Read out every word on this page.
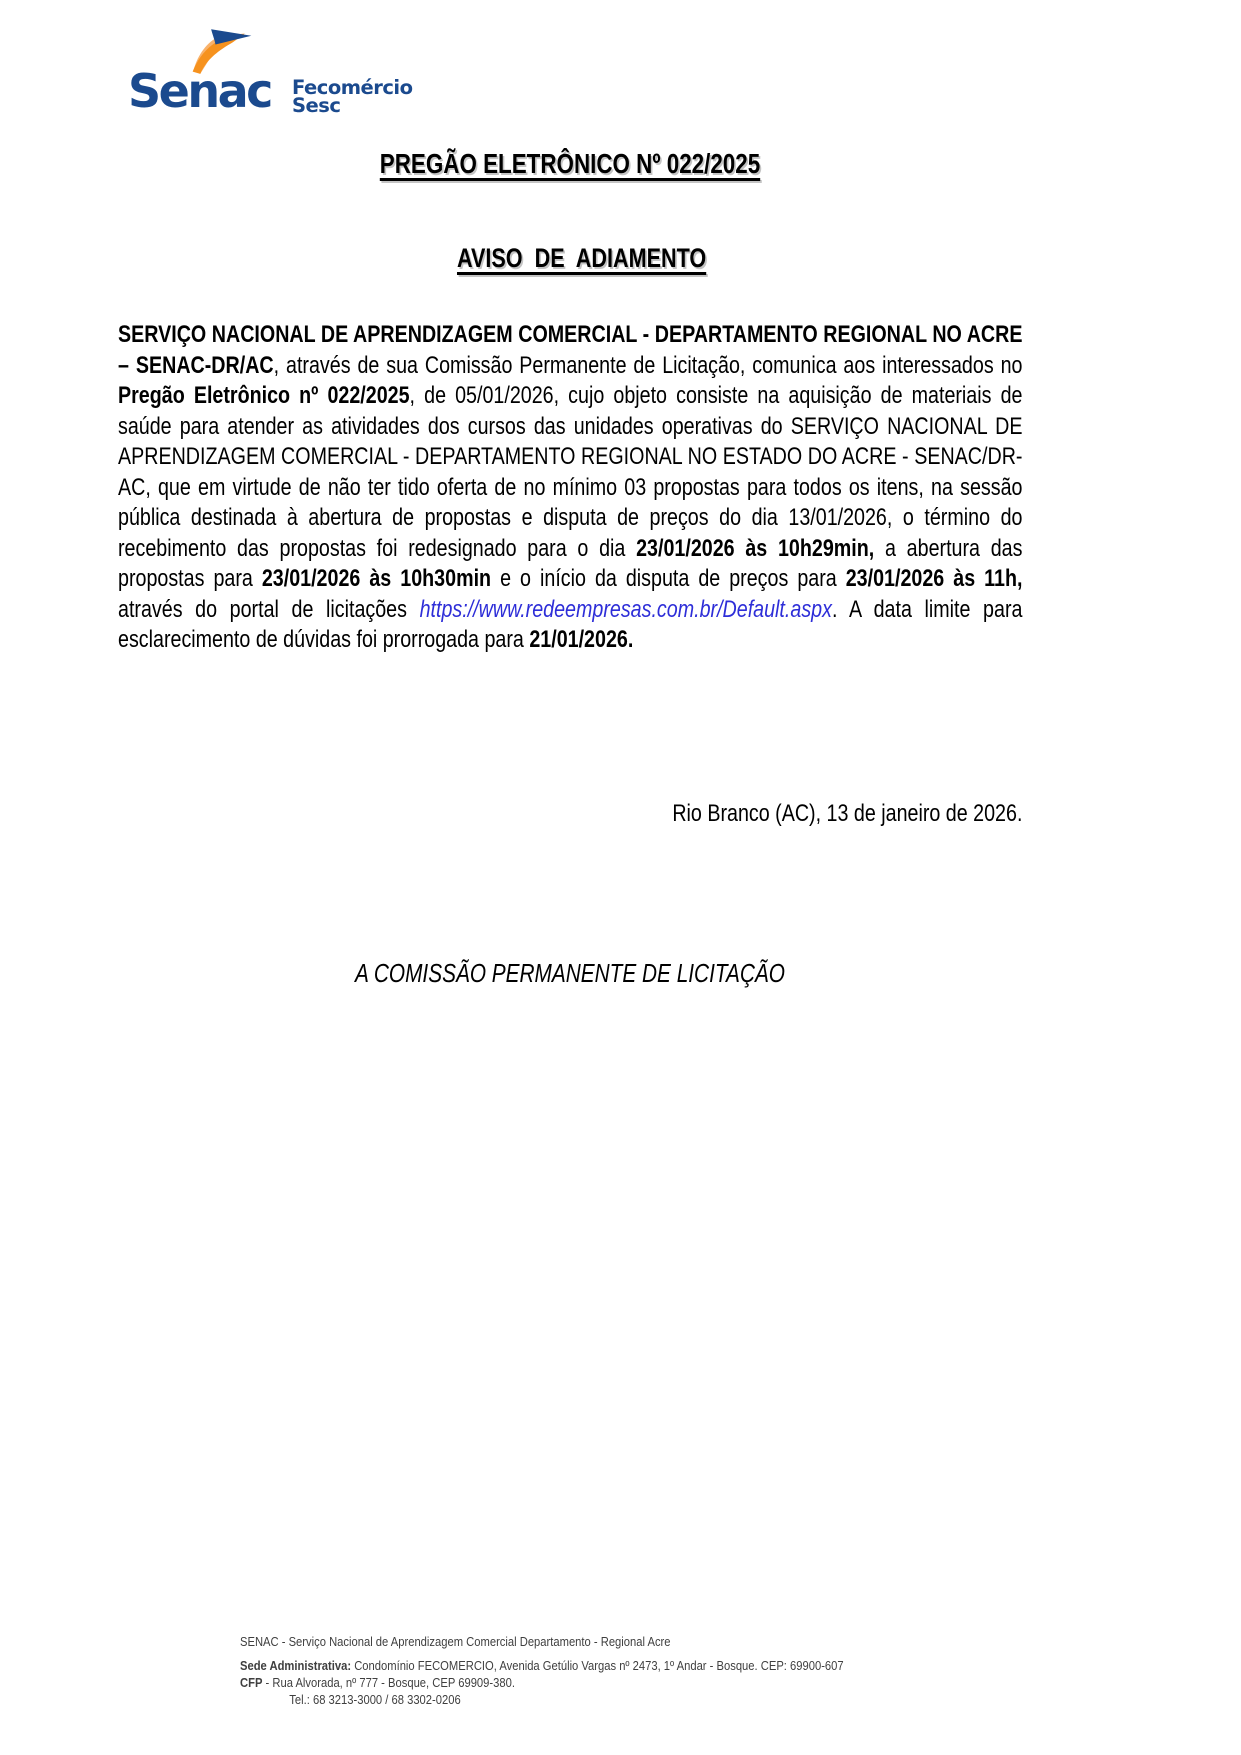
Senac Fecomércio
Sesc
PREGÃO ELETRÔNICO Nº 022/2025

AVISO  DE  ADIAMENTO

SERVIÇO NACIONAL DE APRENDIZAGEM COMERCIAL - DEPARTAMENTO REGIONAL NO ACRE – SENAC-DR/AC, através de sua Comissão Permanente de Licitação, comunica aos interessados no Pregão Eletrônico nº 022/2025, de 05/01/2026, cujo objeto consiste na aquisição de materiais de saúde para atender as atividades dos cursos das unidades operativas do SERVIÇO NACIONAL DE APRENDIZAGEM COMERCIAL - DEPARTAMENTO REGIONAL NO ESTADO DO ACRE - SENAC/DR-AC, que em virtude de não ter tido oferta de no mínimo 03 propostas para todos os itens, na sessão pública destinada à abertura de propostas e disputa de preços do dia 13/01/2026, o término do recebimento das propostas foi redesignado para o dia 23/01/2026 às 10h29min, a abertura das propostas para 23/01/2026 às 10h30min e o início da disputa de preços para 23/01/2026 às 11h, através do portal de licitações https://www.redeempresas.com.br/Default.aspx. A data limite para esclarecimento de dúvidas foi prorrogada para 21/01/2026.

Rio Branco (AC), 13 de janeiro de 2026.
A COMISSÃO PERMANENTE DE LICITAÇÃO
SENAC - Serviço Nacional de Aprendizagem Comercial Departamento - Regional Acre
Sede Administrativa: Condomínio FECOMERCIO, Avenida Getúlio Vargas nº 2473, 1º Andar - Bosque. CEP: 69900-607
CFP - Rua Alvorada, nº 777 - Bosque, CEP 69909-380.
Tel.: 68 3213-3000 / 68 3302-0206
